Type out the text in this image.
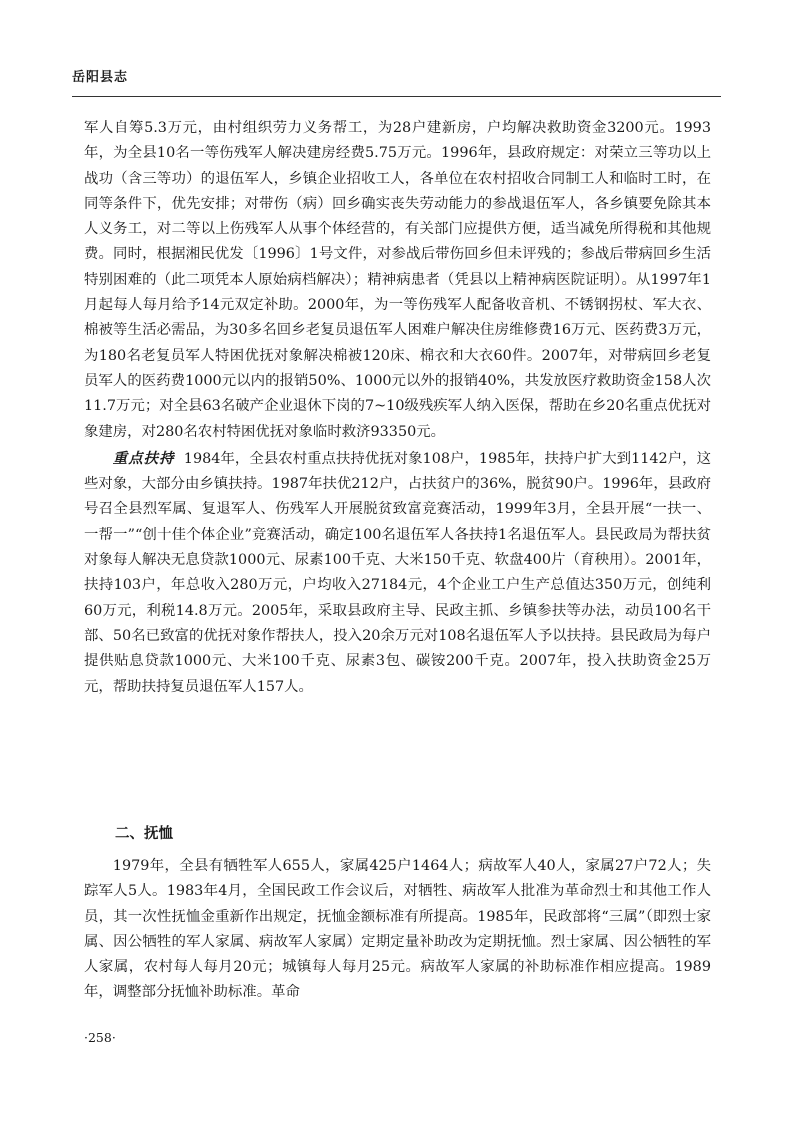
岳阳县志

军人自筹5.3万元，由村组织劳力义务帮工，为28户建新房，户均解决救助资金3200元。1993年，为全县10名一等伤残军人解决建房经费5.75万元。1996年，县政府规定：对荣立三等功以上战功（含三等功）的退伍军人，乡镇企业招收工人，各单位在农村招收合同制工人和临时工时，在同等条件下，优先安排；对带伤（病）回乡确实丧失劳动能力的参战退伍军人，各乡镇要免除其本人义务工，对二等以上伤残军人从事个体经营的，有关部门应提供方便，适当减免所得税和其他规费。同时，根据湘民优发〔1996〕1号文件，对参战后带伤回乡但未评残的；参战后带病回乡生活特别困难的（此二项凭本人原始病档解决）；精神病患者（凭县以上精神病医院证明）。从1997年1月起每人每月给予14元双定补助。2000年，为一等伤残军人配备收音机、不锈钢拐杖、军大衣、棉被等生活必需品，为30多名回乡老复员退伍军人困难户解决住房维修费16万元、医药费3万元，为180名老复员军人特困优抚对象解决棉被120床、棉衣和大衣60件。2007年，对带病回乡老复员军人的医药费1000元以内的报销50%、1000元以外的报销40%，共发放医疗救助资金158人次11.7万元；对全县63名破产企业退休下岗的7~10级残疾军人纳入医保，帮助在乡20名重点优抚对象建房，对280名农村特困优抚对象临时救济93350元。

重点扶持 1984年，全县农村重点扶持优抚对象108户，1985年，扶持户扩大到1142户，这些对象，大部分由乡镇扶持。1987年扶优212户，占扶贫户的36%，脱贫90户。1996年，县政府号召全县烈军属、复退军人、伤残军人开展脱贫致富竞赛活动，1999年3月，全县开展“一扶一、一帮一”“创十佳个体企业”竞赛活动，确定100名退伍军人各扶持1名退伍军人。县民政局为帮扶贫对象每人解决无息贷款1000元、尿素100千克、大米150千克、软盘400片（育秧用）。2001年，扶持103户，年总收入280万元，户均收入27184元，4个企业工户生产总值达350万元，创纯利60万元，利税14.8万元。2005年，采取县政府主导、民政主抓、乡镇参扶等办法，动员100名干部、50名已致富的优抚对象作帮扶人，投入20余万元对108名退伍军人予以扶持。县民政局为每户提供贴息贷款1000元、大米100千克、尿素3包、碳铵200千克。2007年，投入扶助资金25万元，帮助扶持复员退伍军人157人。

二、抚恤

1979年，全县有牺牲军人655人，家属425户1464人；病故军人40人，家属27户72人；失踪军人5人。1983年4月，全国民政工作会议后，对牺牲、病故军人批准为革命烈士和其他工作人员，其一次性抚恤金重新作出规定，抚恤金额标准有所提高。1985年，民政部将“三属”（即烈士家属、因公牺牲的军人家属、病故军人家属）定期定量补助改为定期抚恤。烈士家属、因公牺牲的军人家属，农村每人每月20元；城镇每人每月25元。病故军人家属的补助标准作相应提高。1989年，调整部分抚恤补助标准。革命

·258·
